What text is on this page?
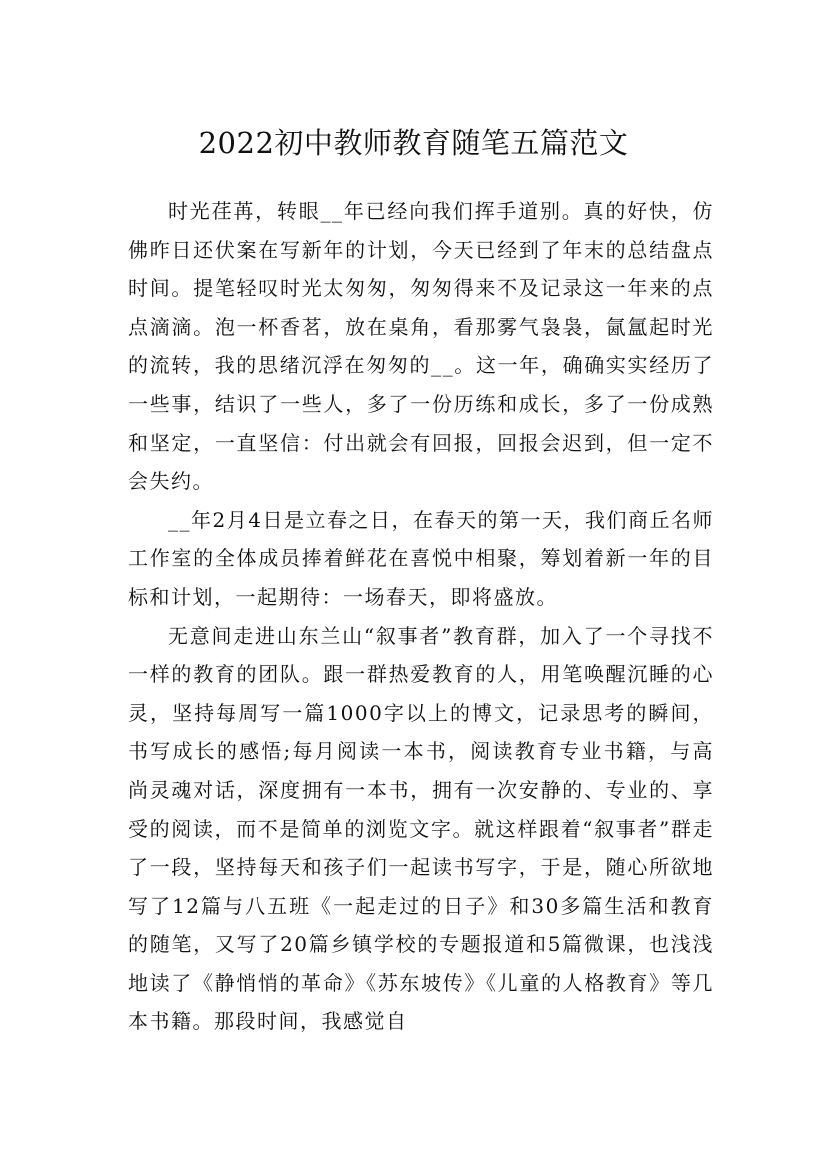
2022初中教师教育随笔五篇范文

时光荏苒，转眼__年已经向我们挥手道别。真的好快，仿佛昨日还伏案在写新年的计划，今天已经到了年末的总结盘点时间。提笔轻叹时光太匆匆，匆匆得来不及记录这一年来的点点滴滴。泡一杯香茗，放在桌角，看那雾气袅袅，氤氲起时光的流转，我的思绪沉浮在匆匆的__。这一年，确确实实经历了一些事，结识了一些人，多了一份历练和成长，多了一份成熟和坚定，一直坚信：付出就会有回报，回报会迟到，但一定不会失约。

__年2月4日是立春之日，在春天的第一天，我们商丘名师工作室的全体成员捧着鲜花在喜悦中相聚，筹划着新一年的目标和计划，一起期待：一场春天，即将盛放。

无意间走进山东兰山“叙事者”教育群，加入了一个寻找不一样的教育的团队。跟一群热爱教育的人，用笔唤醒沉睡的心灵，坚持每周写一篇1000字以上的博文，记录思考的瞬间，书写成长的感悟;每月阅读一本书，阅读教育专业书籍，与高尚灵魂对话，深度拥有一本书，拥有一次安静的、专业的、享受的阅读，而不是简单的浏览文字。就这样跟着“叙事者”群走了一段，坚持每天和孩子们一起读书写字，于是，随心所欲地写了12篇与八五班《一起走过的日子》和30多篇生活和教育的随笔，又写了20篇乡镇学校的专题报道和5篇微课，也浅浅地读了《静悄悄的革命》《苏东坡传》《儿童的人格教育》等几本书籍。那段时间，我感觉自
